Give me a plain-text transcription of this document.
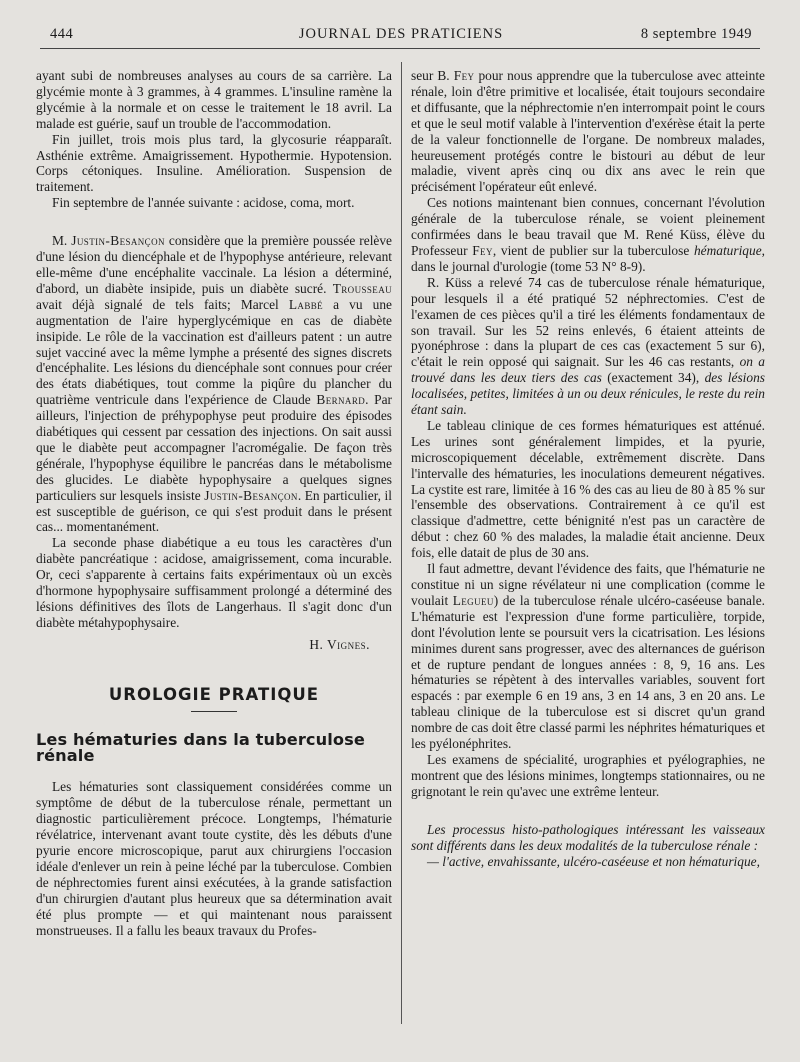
444	JOURNAL DES PRATICIENS	8 septembre 1949

ayant subi de nombreuses analyses au cours de sa carrière. La glycémie monte à 3 grammes, à 4 grammes. L'insuline ramène la glycémie à la normale et on cesse le traitement le 18 avril. La malade est guérie, sauf un trouble de l'accommodation.

Fin juillet, trois mois plus tard, la glycosurie réapparaît. Asthénie extrême. Amaigrissement. Hypothermie. Hypotension. Corps cétoniques. Insuline. Amélioration. Suspension de traitement.

Fin septembre de l'année suivante : acidose, coma, mort.

M. Justin-Besançon considère que la première poussée relève d'une lésion du diencéphale et de l'hypophyse antérieure, relevant elle-même d'une encéphalite vaccinale. La lésion a déterminé, d'abord, un diabète insipide, puis un diabète sucré. Trousseau avait déjà signalé de tels faits; Marcel Labbé a vu une augmentation de l'aire hyperglycémique en cas de diabète insipide. Le rôle de la vaccination est d'ailleurs patent : un autre sujet vacciné avec la même lymphe a présenté des signes discrets d'encéphalite. Les lésions du diencéphale sont connues pour créer des états diabétiques, tout comme la piqûre du plancher du quatrième ventricule dans l'expérience de Claude Bernard. Par ailleurs, l'injection de préhypophyse peut produire des épisodes diabétiques qui cessent par cessation des injections. On sait aussi que le diabète peut accompagner l'acromégalie. De façon très générale, l'hypophyse équilibre le pancréas dans le métabolisme des glucides. Le diabète hypophysaire a quelques signes particuliers sur lesquels insiste Justin-Besançon. En particulier, il est susceptible de guérison, ce qui s'est produit dans le présent cas... momentanément.

La seconde phase diabétique a eu tous les caractères d'un diabète pancréatique : acidose, amaigrissement, coma incurable. Or, ceci s'apparente à certains faits expérimentaux où un excès d'hormone hypophysaire suffisamment prolongé a déterminé des lésions définitives des îlots de Langerhaus. Il s'agit donc d'un diabète métahypophysaire.

H. Vignes.

UROLOGIE PRATIQUE
Les hématuries dans la tuberculose rénale

Les hématuries sont classiquement considérées comme un symptôme de début de la tuberculose rénale, permettant un diagnostic particulièrement précoce. Longtemps, l'hématurie révélatrice, intervenant avant toute cystite, dès les débuts d'une pyurie encore microscopique, parut aux chirurgiens l'occasion idéale d'enlever un rein à peine léché par la tuberculose. Combien de néphrectomies furent ainsi exécutées, à la grande satisfaction d'un chirurgien d'autant plus heureux que sa détermination avait été plus prompte — et qui maintenant nous paraissent monstrueuses. Il a fallu les beaux travaux du Profes-

seur B. Fey pour nous apprendre que la tuberculose avec atteinte rénale, loin d'être primitive et localisée, était toujours secondaire et diffusante, que la néphrectomie n'en interrompait point le cours et que le seul motif valable à l'intervention d'exérèse était la perte de la valeur fonctionnelle de l'organe. De nombreux malades, heureusement protégés contre le bistouri au début de leur maladie, vivent après cinq ou dix ans avec le rein que précisément l'opérateur eût enlevé.

Ces notions maintenant bien connues, concernant l'évolution générale de la tuberculose rénale, se voient pleinement confirmées dans le beau travail que M. René Küss, élève du Professeur Fey, vient de publier sur la tuberculose hématurique, dans le journal d'urologie (tome 53 N° 8-9).

R. Küss a relevé 74 cas de tuberculose rénale hématurique, pour lesquels il a été pratiqué 52 néphrectomies. C'est de l'examen de ces pièces qu'il a tiré les éléments fondamentaux de son travail. Sur les 52 reins enlevés, 6 étaient atteints de pyonéphrose : dans la plupart de ces cas (exactement 5 sur 6), c'était le rein opposé qui saignait. Sur les 46 cas restants, on a trouvé dans les deux tiers des cas (exactement 34), des lésions localisées, petites, limitées à un ou deux rénicules, le reste du rein étant sain.

Le tableau clinique de ces formes hématuriques est atténué. Les urines sont généralement limpides, et la pyurie, microscopiquement décelable, extrêmement discrète. Dans l'intervalle des hématuries, les inoculations demeurent négatives. La cystite est rare, limitée à 16 % des cas au lieu de 80 à 85 % sur l'ensemble des observations. Contrairement à ce qu'il est classique d'admettre, cette bénignité n'est pas un caractère de début : chez 60 % des malades, la maladie était ancienne. Deux fois, elle datait de plus de 30 ans.

Il faut admettre, devant l'évidence des faits, que l'hématurie ne constitue ni un signe révélateur ni une complication (comme le voulait Legueu) de la tuberculose rénale ulcéro-caséeuse banale. L'hématurie est l'expression d'une forme particulière, torpide, dont l'évolution lente se poursuit vers la cicatrisation. Les lésions minimes durent sans progresser, avec des alternances de guérison et de rupture pendant de longues années : 8, 9, 16 ans. Les hématuries se répètent à des intervalles variables, souvent fort espacés : par exemple 6 en 19 ans, 3 en 14 ans, 3 en 20 ans. Le tableau clinique de la tuberculose est si discret qu'un grand nombre de cas doit être classé parmi les néphrites hématuriques et les pyélonéphrites.

Les examens de spécialité, urographies et pyélographies, ne montrent que des lésions minimes, longtemps stationnaires, ou ne grignotant le rein qu'avec une extrême lenteur.

Les processus histo-pathologiques intéressant les vaisseaux sont différents dans les deux modalités de la tuberculose rénale :

— l'active, envahissante, ulcéro-caséeuse et non hématurique,
